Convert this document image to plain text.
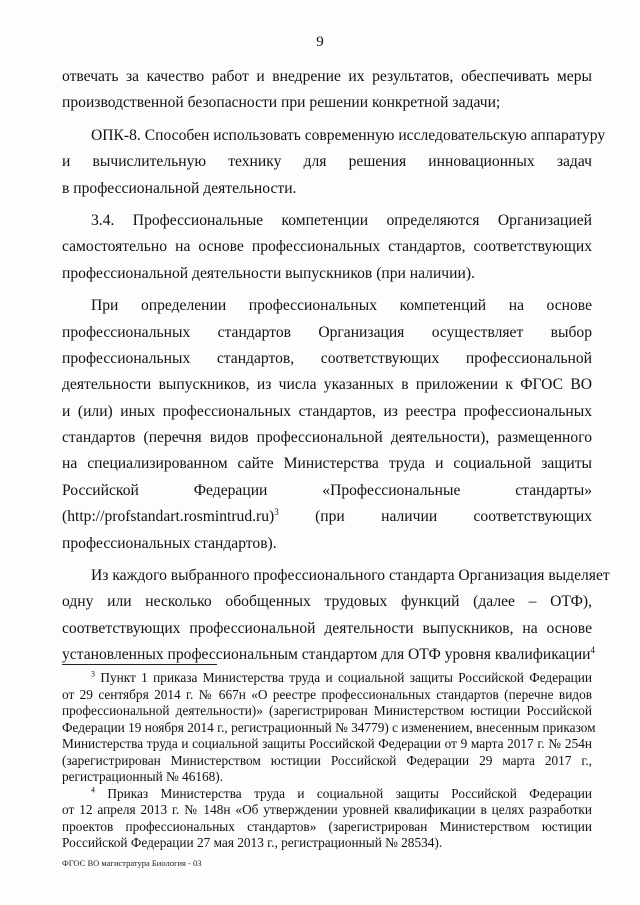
9
отвечать за качество работ и внедрение их результатов, обеспечивать меры
производственной безопасности при решении конкретной задачи;
ОПК-8. Способен использовать современную исследовательскую аппаратуру
и вычислительную технику для решения инновационных задач
в профессиональной деятельности.
3.4. Профессиональные компетенции определяются Организацией
самостоятельно на основе профессиональных стандартов, соответствующих
профессиональной деятельности выпускников (при наличии).
При определении профессиональных компетенций на основе
профессиональных стандартов Организация осуществляет выбор
профессиональных стандартов, соответствующих профессиональной
деятельности выпускников, из числа указанных в приложении к ФГОС ВО
и (или) иных профессиональных стандартов, из реестра профессиональных
стандартов (перечня видов профессиональной деятельности), размещенного
на специализированном сайте Министерства труда и социальной защиты
Российской Федерации «Профессиональные стандарты»
(http://profstandart.rosmintrud.ru)$^3$ (при наличии соответствующих
профессиональных стандартов).
Из каждого выбранного профессионального стандарта Организация выделяет
одну или несколько обобщенных трудовых функций (далее – ОТФ),
соответствующих профессиональной деятельности выпускников, на основе
установленных профессиональным стандартом для ОТФ уровня квалификации$^4$
$^3$ Пункт 1 приказа Министерства труда и социальной защиты Российской Федерации
от 29 сентября 2014 г. № 667н «О реестре профессиональных стандартов (перечне видов
профессиональной деятельности)» (зарегистрирован Министерством юстиции Российской
Федерации 19 ноября 2014 г., регистрационный № 34779) с изменением, внесенным приказом
Министерства труда и социальной защиты Российской Федерации от 9 марта 2017 г. № 254н
(зарегистрирован Министерством юстиции Российской Федерации 29 марта 2017 г.,
регистрационный № 46168).
$^4$ Приказ Министерства труда и социальной защиты Российской Федерации
от 12 апреля 2013 г. № 148н «Об утверждении уровней квалификации в целях разработки
проектов профессиональных стандартов» (зарегистрирован Министерством юстиции
Российской Федерации 27 мая 2013 г., регистрационный № 28534).
ФГОС ВО магистратура Биология - 03
